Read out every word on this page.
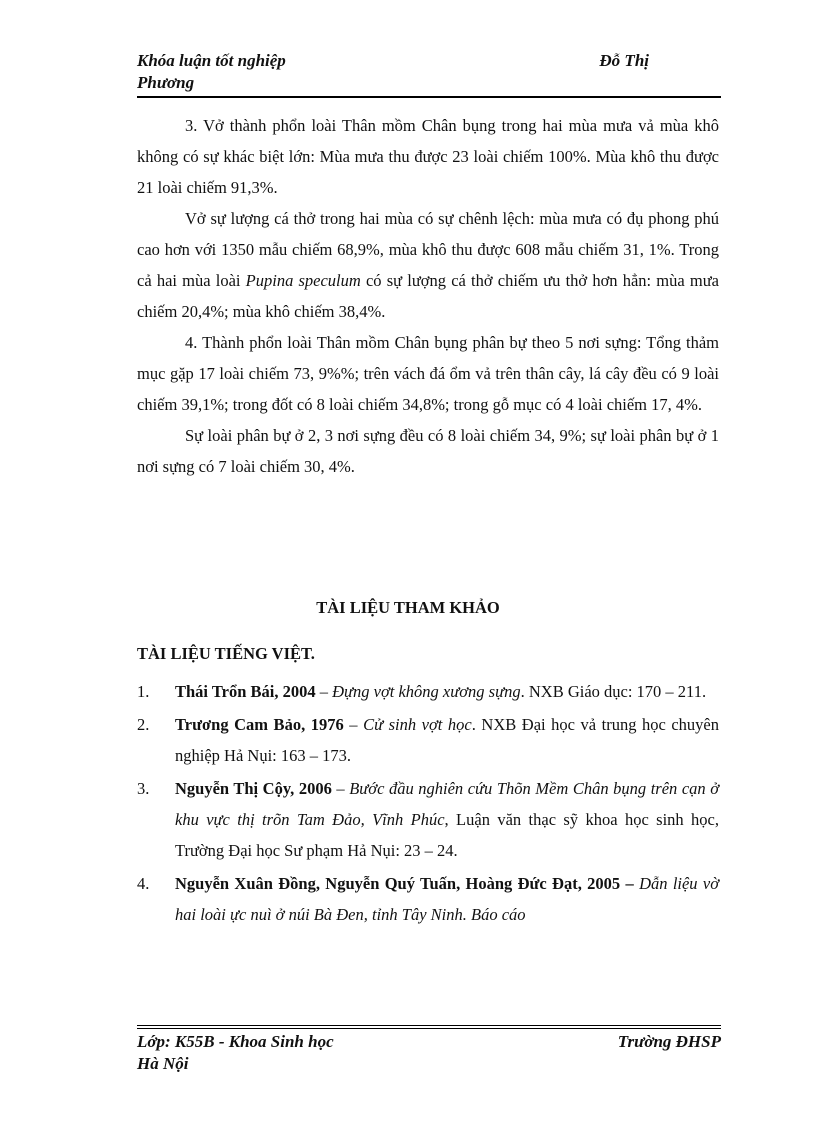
Khóa luận tốt nghiệp	Đỗ Thị
Phương

3. Vở thành phổn loài Thân mồm Chân bụng trong hai mùa mưa vả mùa khô không có sự khác biệt lớn: Mùa mưa thu được 23 loài chiếm 100%. Mùa khô thu được 21 loài chiếm 91,3%.

Vở sự lượng cá thở trong hai mùa có sự chênh lệch: mùa mưa có đụ phong phú cao hơn với 1350 mẫu chiếm 68,9%, mùa khô thu được 608 mẫu chiếm 31, 1%. Trong cả hai mùa loài Pupina speculum có sự lượng cá thở chiếm ưu thở hơn hẳn: mùa mưa chiếm 20,4%; mùa khô chiếm 38,4%.

4. Thành phổn loài Thân mồm Chân bụng phân bự theo 5 nơi sựng: Tổng thảm mục gặp 17 loài chiếm 73, 9%%; trên vách đá ổm vả trên thân cây, lá cây đều có 9 loài chiếm 39,1%; trong đốt có 8 loài chiếm 34,8%; trong gỗ mục có 4 loài chiếm 17, 4%.

Sự loài phân bự ở 2, 3 nơi sựng đều có 8 loài chiếm 34, 9%; sự loài phân bự ở 1 nơi sựng có 7 loài chiếm 30, 4%.

TÀI LIỆU THAM KHẢO
TÀI LIỆU TIẾNG VIỆT.
1. Thái Trổn Bái, 2004 – Đựng vợt không xương sựng. NXB Giáo dục: 170 – 211.
2. Trương Cam Bảo, 1976 – Cử sinh vợt học. NXB Đại học vả trung học chuyên nghiệp Hả Nụi: 163 – 173.
3. Nguyễn Thị Cộy, 2006 – Bước đầu nghiên cứu Thõn Mềm Chân bụng trên cạn ở khu vực thị trõn Tam Đảo, Vĩnh Phúc, Luận văn thạc sỹ khoa học sinh học, Trường Đại học Sư phạm Hả Nụi: 23 – 24.
4. Nguyễn Xuân Đồng, Nguyễn Quý Tuấn, Hoàng Đức Đạt, 2005 – Dẫn liệu vờ hai loài ực nuì ở núi Bà Đen, tỉnh Tây Ninh. Báo cáo
Lớp: K55B - Khoa Sinh học	Trường ĐHSP
Hà Nội
